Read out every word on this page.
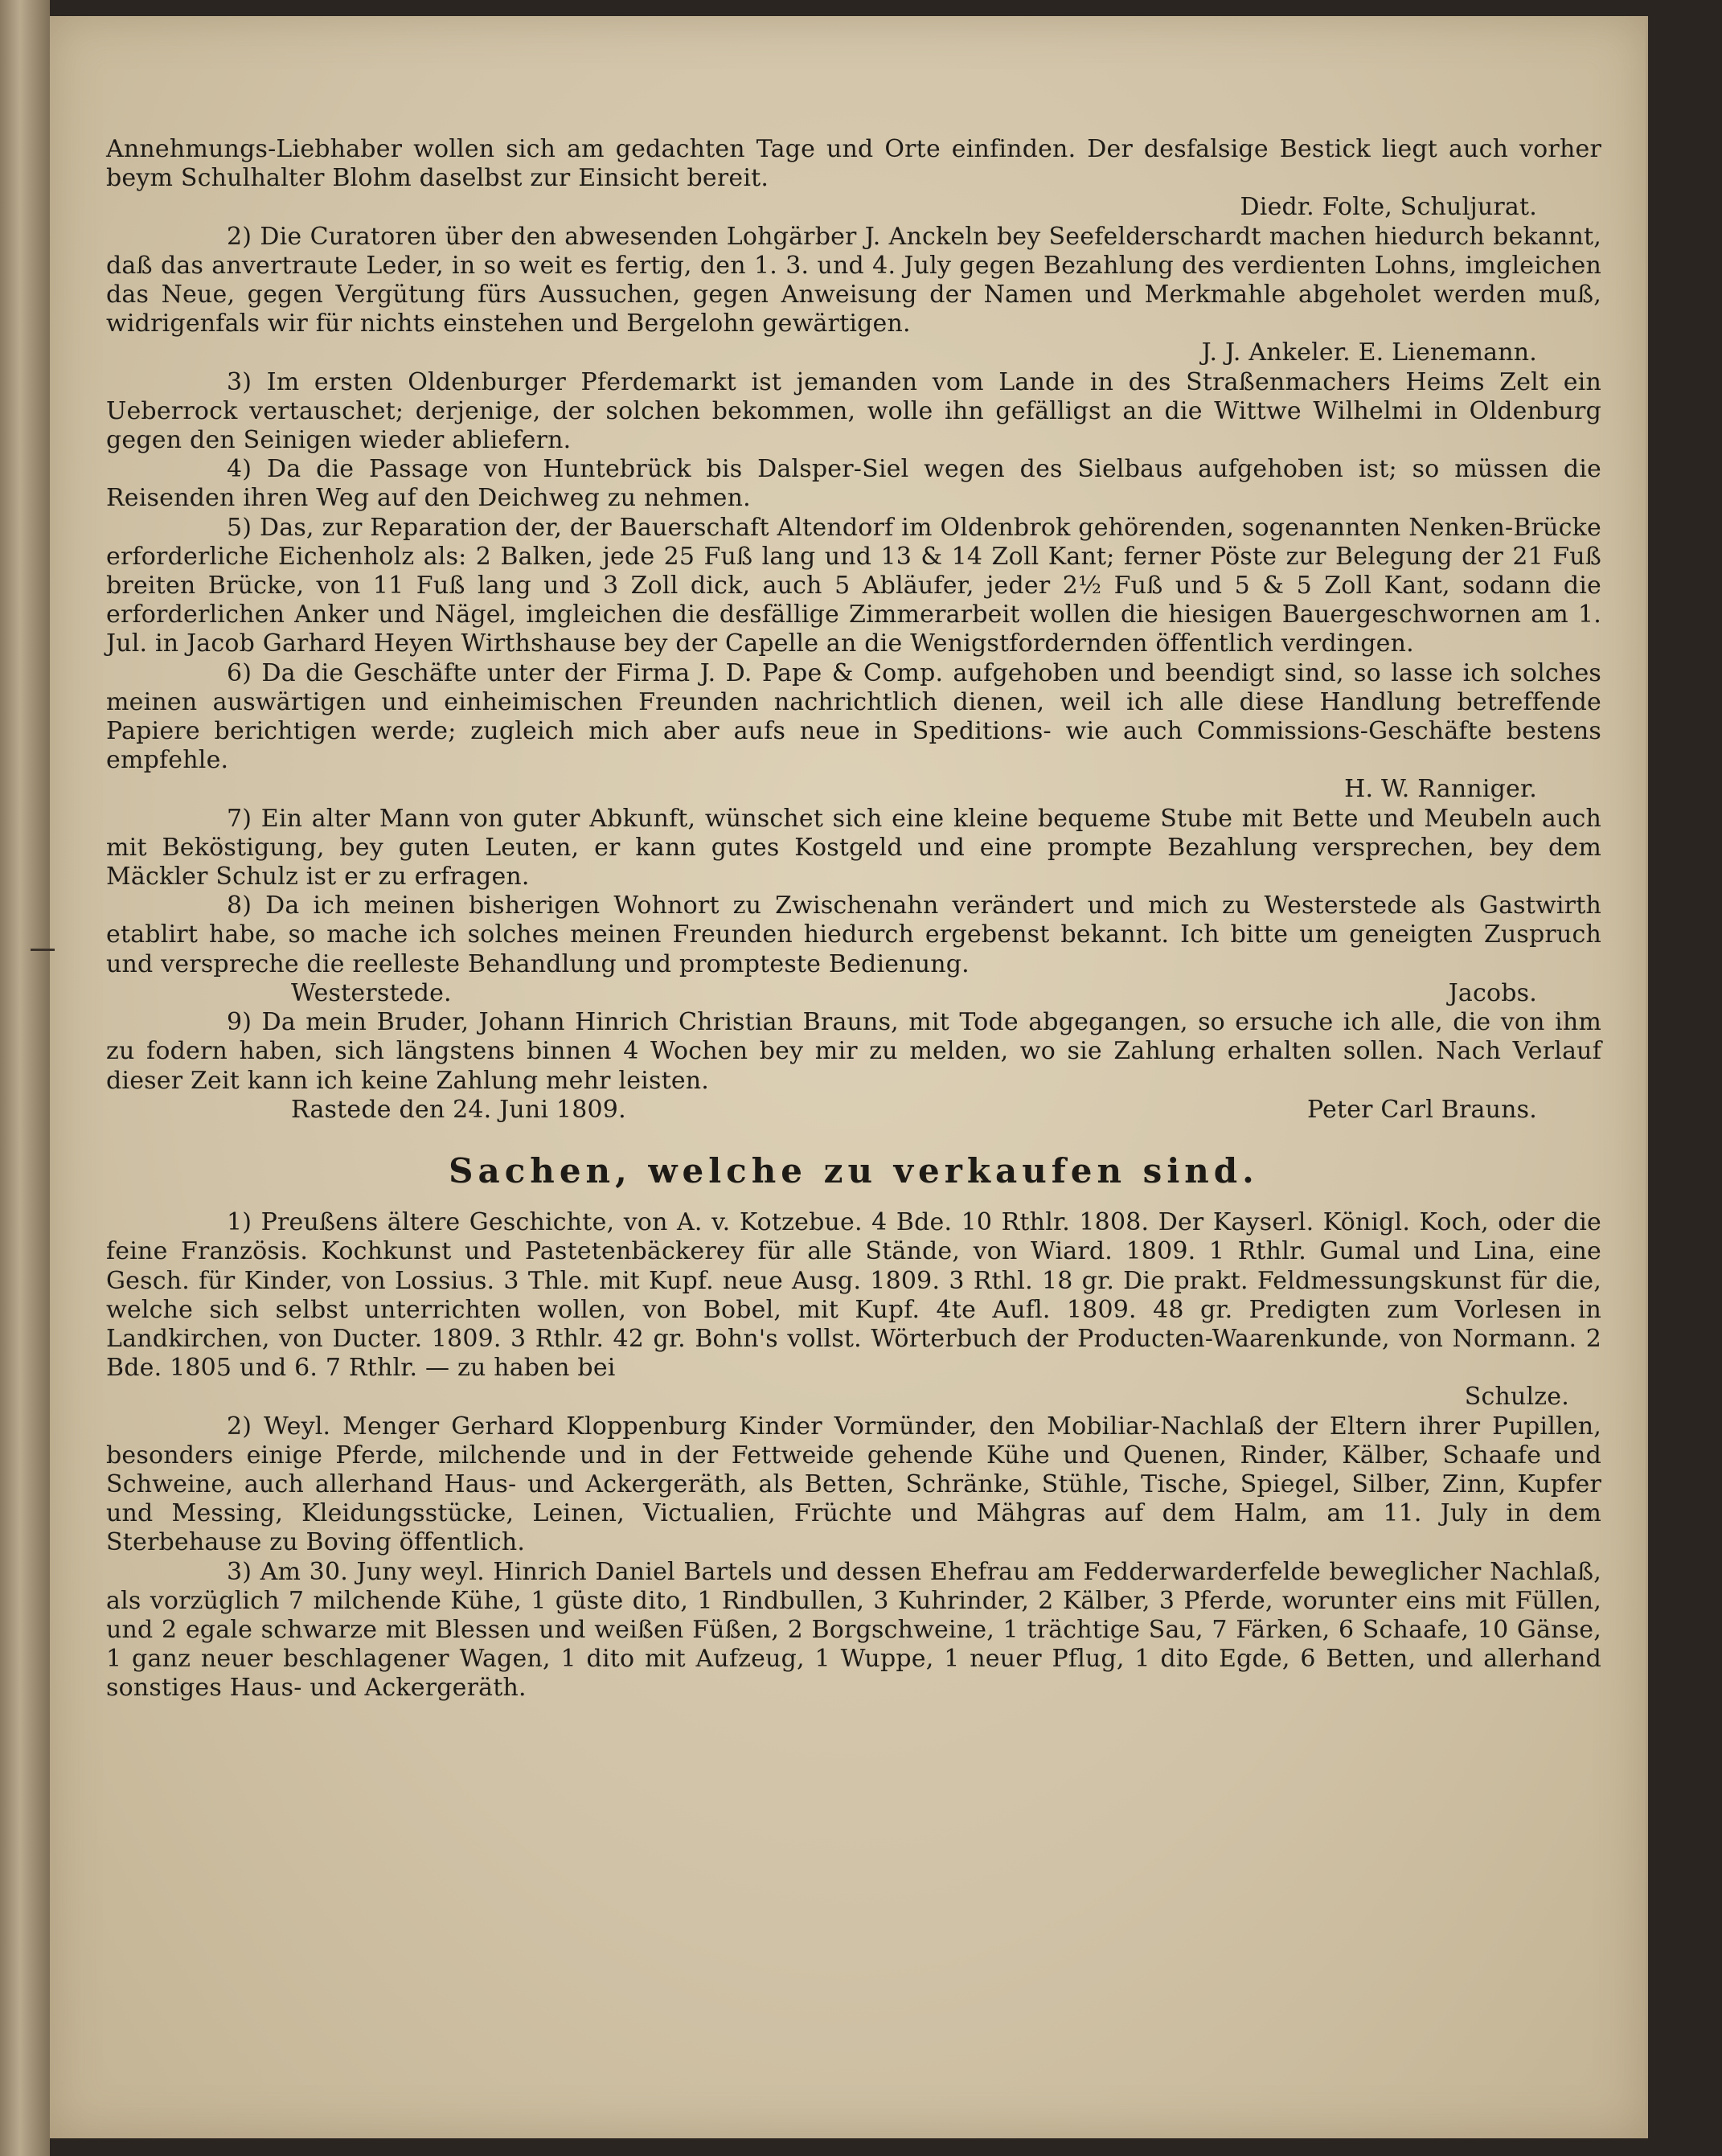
Annehmungs-Liebhaber wollen sich am gedachten Tage und Orte einfinden. Der desfalsige Bestick liegt auch vorher beym Schulhalter Blohm daselbst zur Einsicht bereit.

Diedr. Folte, Schuljurat.

2) Die Curatoren über den abwesenden Lohgärber J. Anckeln bey Seefelderschardt machen hiedurch bekannt, daß das anvertraute Leder, in so weit es fertig, den 1. 3. und 4. July gegen Bezahlung des verdienten Lohns, imgleichen das Neue, gegen Vergütung fürs Aussuchen, gegen Anweisung der Namen und Merkmahle abgeholet werden muß, widrigenfals wir für nichts einstehen und Bergelohn gewärtigen.

J. J. Ankeler. E. Lienemann.

3) Im ersten Oldenburger Pferdemarkt ist jemanden vom Lande in des Straßenmachers Heims Zelt ein Ueberrock vertauschet; derjenige, der solchen bekommen, wolle ihn gefälligst an die Wittwe Wilhelmi in Oldenburg gegen den Seinigen wieder abliefern.

4) Da die Passage von Huntebrück bis Dalsper-Siel wegen des Sielbaus aufgehoben ist; so müssen die Reisenden ihren Weg auf den Deichweg zu nehmen.

5) Das, zur Reparation der, der Bauerschaft Altendorf im Oldenbrok gehörenden, sogenannten Nenken-Brücke erforderliche Eichenholz als: 2 Balken, jede 25 Fuß lang und 13 & 14 Zoll Kant; ferner Pöste zur Belegung der 21 Fuß breiten Brücke, von 11 Fuß lang und 3 Zoll dick, auch 5 Abläufer, jeder 2½ Fuß und 5 & 5 Zoll Kant, sodann die erforderlichen Anker und Nägel, imgleichen die desfällige Zimmerarbeit wollen die hiesigen Bauergeschwornen am 1. Jul. in Jacob Garhard Heyen Wirthshause bey der Capelle an die Wenigstfordernden öffentlich verdingen.

6) Da die Geschäfte unter der Firma J. D. Pape & Comp. aufgehoben und beendigt sind, so lasse ich solches meinen auswärtigen und einheimischen Freunden nachrichtlich dienen, weil ich alle diese Handlung betreffende Papiere berichtigen werde; zugleich mich aber aufs neue in Speditions- wie auch Commissions-Geschäfte bestens empfehle.

H. W. Ranniger.

7) Ein alter Mann von guter Abkunft, wünschet sich eine kleine bequeme Stube mit Bette und Meubeln auch mit Beköstigung, bey guten Leuten, er kann gutes Kostgeld und eine prompte Bezahlung versprechen, bey dem Mäckler Schulz ist er zu erfragen.

8) Da ich meinen bisherigen Wohnort zu Zwischenahn verändert und mich zu Westerstede als Gastwirth etablirt habe, so mache ich solches meinen Freunden hiedurch ergebenst bekannt. Ich bitte um geneigten Zuspruch und verspreche die reelleste Behandlung und prompteste Bedienung.

Westerstede.	Jacobs.

9) Da mein Bruder, Johann Hinrich Christian Brauns, mit Tode abgegangen, so ersuche ich alle, die von ihm zu fodern haben, sich längstens binnen 4 Wochen bey mir zu melden, wo sie Zahlung erhalten sollen. Nach Verlauf dieser Zeit kann ich keine Zahlung mehr leisten.

Rastede den 24. Juni 1809.	Peter Carl Brauns.
Sachen, welche zu verkaufen sind.

1) Preußens ältere Geschichte, von A. v. Kotzebue. 4 Bde. 10 Rthlr. 1808. Der Kayserl. Königl. Koch, oder die feine Französis. Kochkunst und Pastetenbäckerey für alle Stände, von Wiard. 1809. 1 Rthlr. Gumal und Lina, eine Gesch. für Kinder, von Lossius. 3 Thle. mit Kupf. neue Ausg. 1809. 3 Rthl. 18 gr. Die prakt. Feldmessungskunst für die, welche sich selbst unterrichten wollen, von Bobel, mit Kupf. 4te Aufl. 1809. 48 gr. Predigten zum Vorlesen in Landkirchen, von Ducter. 1809. 3 Rthlr. 42 gr. Bohn's vollst. Wörterbuch der Producten-Waarenkunde, von Normann. 2 Bde. 1805 und 6. 7 Rthlr. — zu haben bei

Schulze.

2) Weyl. Menger Gerhard Kloppenburg Kinder Vormünder, den Mobiliar-Nachlaß der Eltern ihrer Pupillen, besonders einige Pferde, milchende und in der Fettweide gehende Kühe und Quenen, Rinder, Kälber, Schaafe und Schweine, auch allerhand Haus- und Ackergeräth, als Betten, Schränke, Stühle, Tische, Spiegel, Silber, Zinn, Kupfer und Messing, Kleidungsstücke, Leinen, Victualien, Früchte und Mähgras auf dem Halm, am 11. July in dem Sterbehause zu Boving öffentlich.

3) Am 30. Juny weyl. Hinrich Daniel Bartels und dessen Ehefrau am Fedderwarderfelde beweglicher Nachlaß, als vorzüglich 7 milchende Kühe, 1 güste dito, 1 Rindbullen, 3 Kuhrinder, 2 Kälber, 3 Pferde, worunter eins mit Füllen, und 2 egale schwarze mit Blessen und weißen Füßen, 2 Borgschweine, 1 trächtige Sau, 7 Färken, 6 Schaafe, 10 Gänse, 1 ganz neuer beschlagener Wagen, 1 dito mit Aufzeug, 1 Wuppe, 1 neuer Pflug, 1 dito Egde, 6 Betten, und allerhand sonstiges Haus- und Ackergeräth.
